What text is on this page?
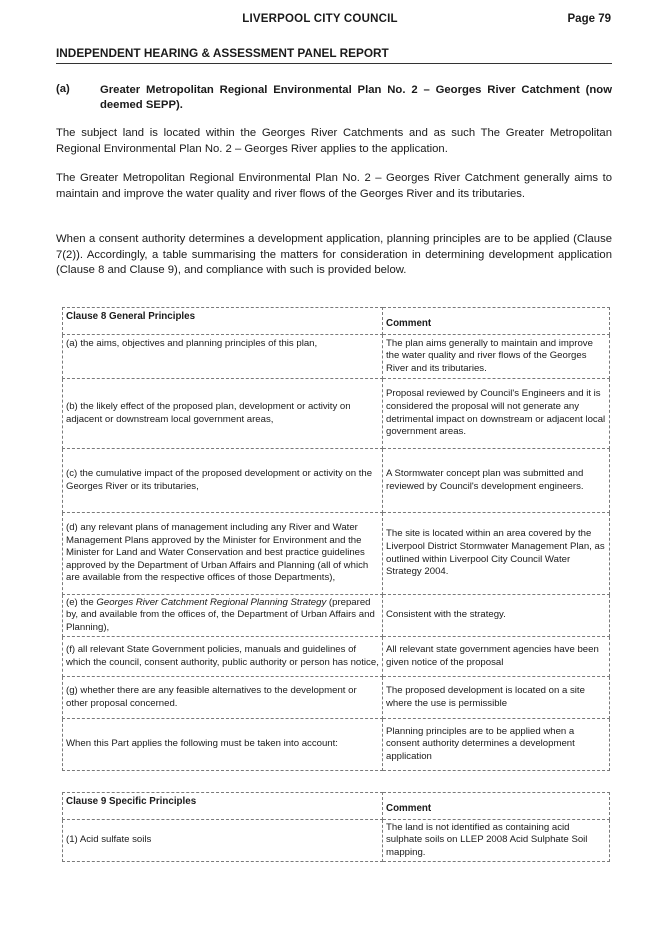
LIVERPOOL CITY COUNCIL	Page 79
INDEPENDENT HEARING & ASSESSMENT PANEL REPORT
(a)	Greater Metropolitan Regional Environmental Plan No. 2 – Georges River Catchment (now deemed SEPP).
The subject land is located within the Georges River Catchments and as such The Greater Metropolitan Regional Environmental Plan No. 2 – Georges River applies to the application.
The Greater Metropolitan Regional Environmental Plan No. 2 – Georges River Catchment generally aims to maintain and improve the water quality and river flows of the Georges River and its tributaries.
When a consent authority determines a development application, planning principles are to be applied (Clause 7(2)). Accordingly, a table summarising the matters for consideration in determining development application (Clause 8 and Clause 9), and compliance with such is provided below.
Clause 8 General Principles	Comment
(a) the aims, objectives and planning principles of this plan,	The plan aims generally to maintain and improve the water quality and river flows of the Georges River and its tributaries.
(b) the likely effect of the proposed plan, development or activity on adjacent or downstream local government areas,	Proposal reviewed by Council's Engineers and it is considered the proposal will not generate any detrimental impact on downstream or adjacent local government areas.
(c) the cumulative impact of the proposed development or activity on the Georges River or its tributaries,	A Stormwater concept plan was submitted and reviewed by Council's development engineers.
(d) any relevant plans of management including any River and Water Management Plans approved by the Minister for Environment and the Minister for Land and Water Conservation and best practice guidelines approved by the Department of Urban Affairs and Planning (all of which are available from the respective offices of those Departments),	The site is located within an area covered by the Liverpool District Stormwater Management Plan, as outlined within Liverpool City Council Water Strategy 2004.
(e) the Georges River Catchment Regional Planning Strategy (prepared by, and available from the offices of, the Department of Urban Affairs and Planning),	Consistent with the strategy.
(f) all relevant State Government policies, manuals and guidelines of which the council, consent authority, public authority or person has notice,	All relevant state government agencies have been given notice of the proposal
(g) whether there are any feasible alternatives to the development or other proposal concerned.	The proposed development is located on a site where the use is permissible
When this Part applies the following must be taken into account:	Planning principles are to be applied when a consent authority determines a development application
Clause 9 Specific Principles	Comment
(1) Acid sulfate soils	The land is not identified as containing acid sulphate soils on LLEP 2008 Acid Sulphate Soil mapping.
